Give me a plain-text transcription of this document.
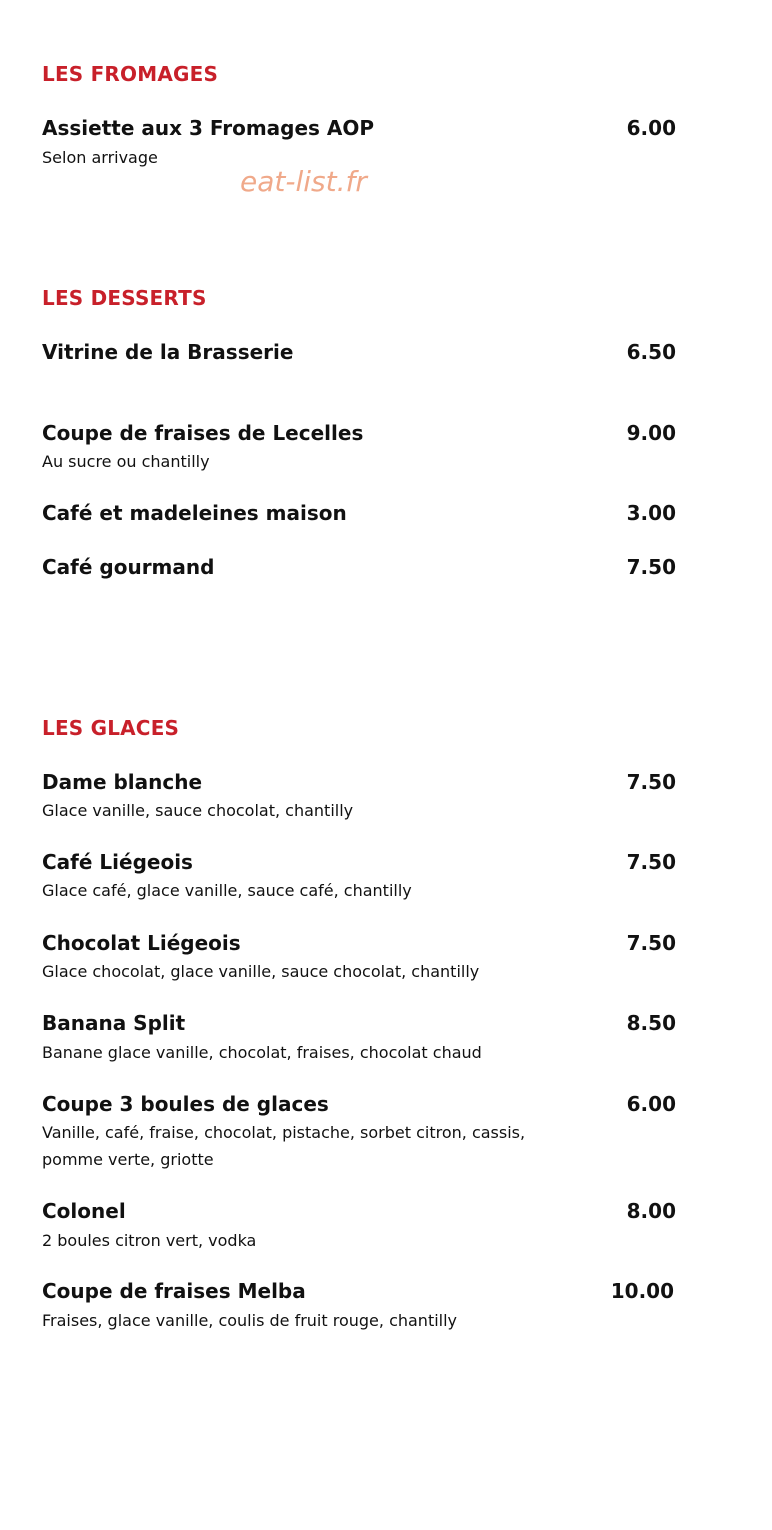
LES FROMAGES
Assiette aux 3 Fromages AOP	6.00
Selon arrivage
eat-list.fr
LES DESSERTS
Vitrine de la Brasserie	6.50
Coupe de fraises de Lecelles	9.00
Au sucre ou chantilly
Café et madeleines maison	3.00
Café gourmand	7.50
LES GLACES
Dame blanche	7.50
Glace vanille, sauce chocolat, chantilly
Café Liégeois	7.50
Glace café, glace vanille, sauce café, chantilly
Chocolat Liégeois	7.50
Glace chocolat, glace vanille, sauce chocolat, chantilly
Banana Split	8.50
Banane glace vanille, chocolat, fraises, chocolat chaud
Coupe 3 boules de glaces	6.00
Vanille, café, fraise, chocolat, pistache, sorbet citron, cassis,
pomme verte, griotte
Colonel	8.00
2 boules citron vert, vodka
Coupe de fraises Melba	10.00
Fraises, glace vanille, coulis de fruit rouge, chantilly
